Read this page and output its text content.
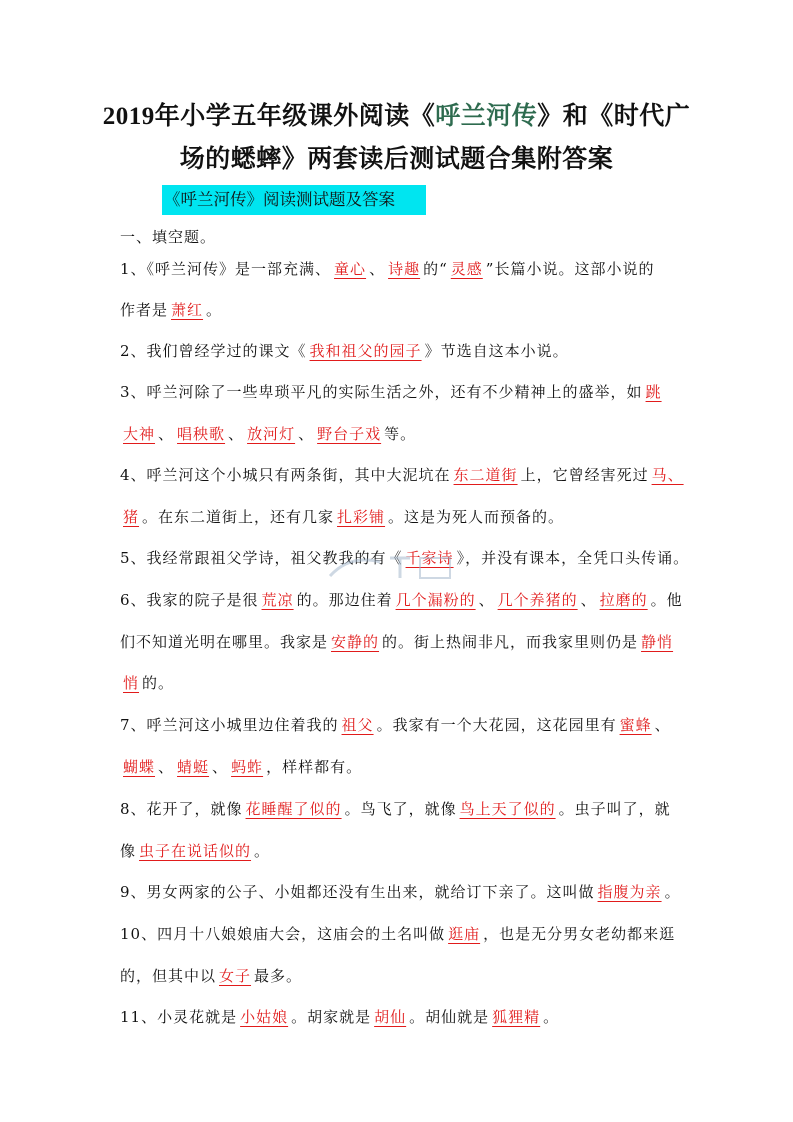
2019年小学五年级课外阅读《呼兰河传》和《时代广
场的蟋蟀》两套读后测试题合集附答案
《呼兰河传》阅读测试题及答案
一、填空题。
1、《呼兰河传》是一部充满、 童心 、 诗趣 的“ 灵感 ”长篇小说。这部小说的
作者是 萧红 。
2、我们曾经学过的课文《 我和祖父的园子 》节选自这本小说。
3、呼兰河除了一些卑琐平凡的实际生活之外，还有不少精神上的盛举，如 跳
大神 、 唱秧歌 、 放河灯 、 野台子戏 等。
4、呼兰河这个小城只有两条街，其中大泥坑在 东二道街 上，它曾经害死过 马、
猪 。在东二道街上，还有几家 扎彩铺 。这是为死人而预备的。
5、我经常跟祖父学诗，祖父教我的有《 千家诗 》，并没有课本，全凭口头传诵。
6、我家的院子是很 荒凉 的。那边住着 几个漏粉的 、 几个养猪的 、 拉磨的 。他
们不知道光明在哪里。我家是 安静的 的。街上热闹非凡，而我家里则仍是 静悄
悄 的。
7、呼兰河这小城里边住着我的 祖父 。我家有一个大花园，这花园里有 蜜蜂 、
蝴蝶 、 蜻蜓 、 蚂蚱 ，样样都有。
8、花开了，就像 花睡醒了似的 。鸟飞了，就像 鸟上天了似的 。虫子叫了，就
像 虫子在说话似的 。
9、男女两家的公子、小姐都还没有生出来，就给订下亲了。这叫做 指腹为亲 。
10、四月十八娘娘庙大会，这庙会的土名叫做 逛庙 ，也是无分男女老幼都来逛
的，但其中以 女子 最多。
11、小灵花就是 小姑娘 。胡家就是 胡仙 。胡仙就是 狐狸精 。
